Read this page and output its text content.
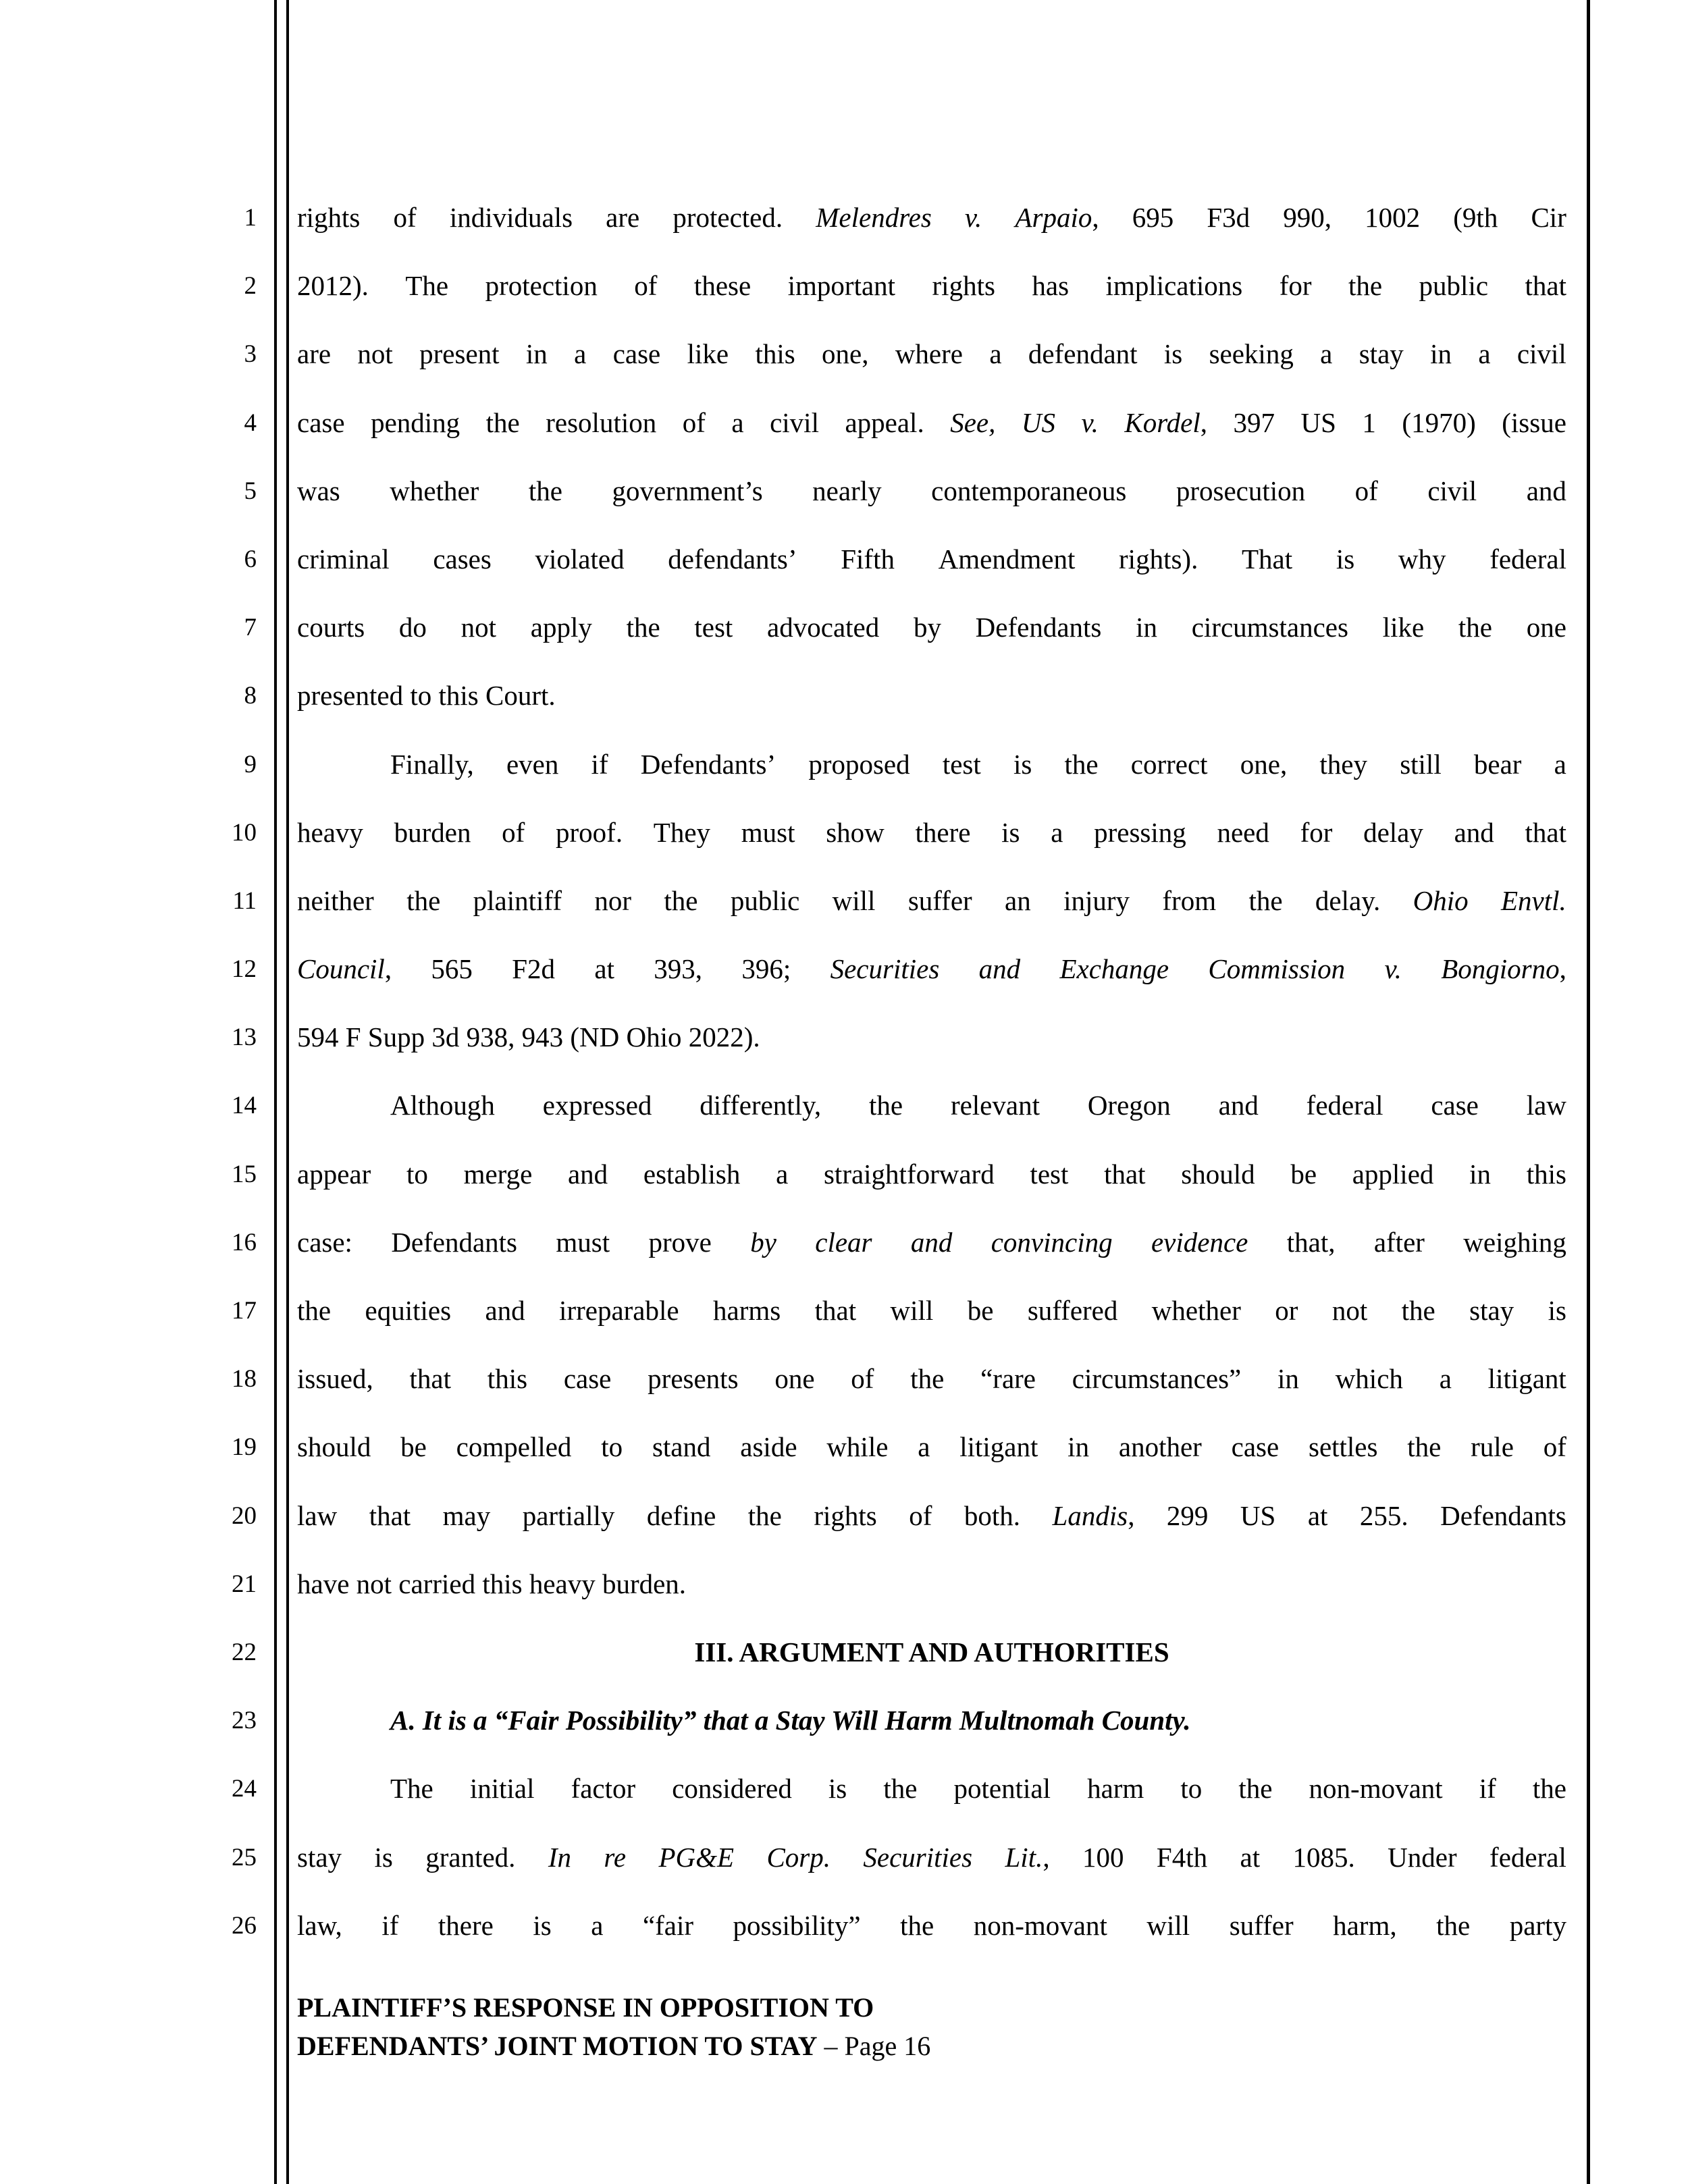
1
2
3
4
5
6
7
8
9
10
11
12
13
14
15
16
17
18
19
20
21
22
23
24
25
26
rights of individuals are protected. Melendres v. Arpaio, 695 F3d 990, 1002 (9th Cir
2012). The protection of these important rights has implications for the public that
are not present in a case like this one, where a defendant is seeking a stay in a civil
case pending the resolution of a civil appeal. See, US v. Kordel, 397 US 1 (1970) (issue
was whether the government’s nearly contemporaneous prosecution of civil and
criminal cases violated defendants’ Fifth Amendment rights). That is why federal
courts do not apply the test advocated by Defendants in circumstances like the one
presented to this Court.
Finally, even if Defendants’ proposed test is the correct one, they still bear a
heavy burden of proof. They must show there is a pressing need for delay and that
neither the plaintiff nor the public will suffer an injury from the delay. Ohio Envtl.
Council, 565 F2d at 393, 396; Securities and Exchange Commission v. Bongiorno,
594 F Supp 3d 938, 943 (ND Ohio 2022).
Although expressed differently, the relevant Oregon and federal case law
appear to merge and establish a straightforward test that should be applied in this
case: Defendants must prove by clear and convincing evidence that, after weighing
the equities and irreparable harms that will be suffered whether or not the stay is
issued, that this case presents one of the “rare circumstances” in which a litigant
should be compelled to stand aside while a litigant in another case settles the rule of
law that may partially define the rights of both. Landis, 299 US at 255. Defendants
have not carried this heavy burden.
III. ARGUMENT AND AUTHORITIES
A. It is a “Fair Possibility” that a Stay Will Harm Multnomah County.
The initial factor considered is the potential harm to the non-movant if the
stay is granted. In re PG&E Corp. Securities Lit., 100 F4th at 1085. Under federal
law, if there is a “fair possibility” the non-movant will suffer harm, the party
PLAINTIFF’S RESPONSE IN OPPOSITION TO
DEFENDANTS’ JOINT MOTION TO STAY – Page 16
